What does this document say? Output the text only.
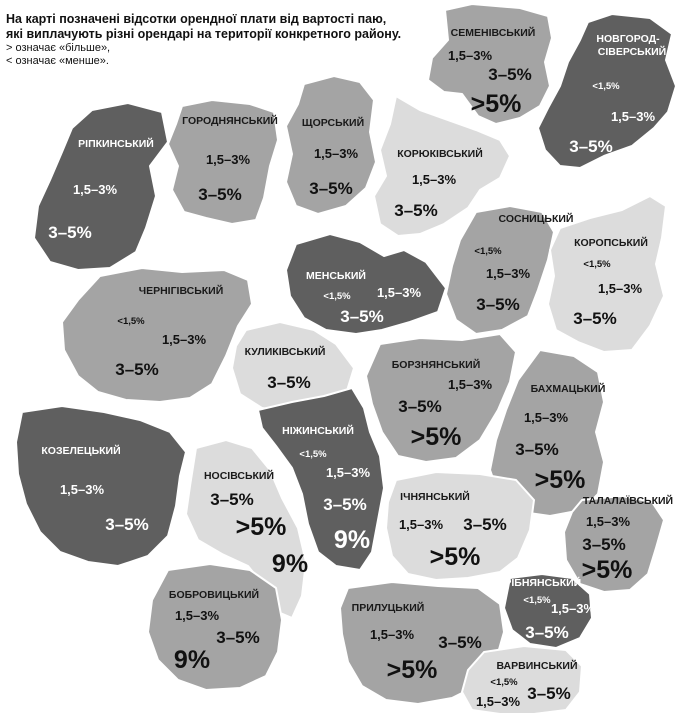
СЕМЕНІВСЬКИЙ
1,5–3%
3–5%
>5%
НОВГОРОД-
СІВЕРСЬКИЙ
<1,5%
1,5–3%
3–5%
РІПКИНСЬКИЙ
1,5–3%
3–5%
ГОРОДНЯНСЬКИЙ
1,5–3%
3–5%
ЩОРСЬКИЙ
1,5–3%
3–5%
КОРЮКІВСЬКИЙ
1,5–3%
3–5%	СОСНИЦЬКИЙ
<1,5%
1,5–3%
3–5%
КОРОПСЬКИЙ
<1,5%
1,5–3%
3–5%
МЕНСЬКИЙ
<1,5% 1,5–3%
3–5%
ЧЕРНІГІВСЬКИЙ
<1,5%
1,5–3%
3–5%
КУЛИКІВСЬКИЙ
3–5%
БОРЗНЯНСЬКИЙ
1,5–3%
3–5%
>5%
БАХМАЦЬКИЙ
1,5–3%
3–5%
>5%
КОЗЕЛЕЦЬКИЙ
1,5–3%
3–5%
НІЖИНСЬКИЙ
<1,5%
1,5–3%
3–5%
9%
НОСІВСЬКИЙ
3–5%
>5%
9%
ІЧНЯНСЬКИЙ
1,5–3% 3–5%
>5%
ТАЛАЛАЇВСЬКИЙ
1,5–3%
3–5%
>5%
БОБРОВИЦЬКИЙ
1,5–3%
3–5%
9%
ПРИЛУЦЬКИЙ
1,5–3% 3–5%
>5%
СРІБНЯНСЬКИЙ
<1,5%
1,5–3%
3–5%
ВАРВИНСЬКИЙ
<1,5%
1,5–3% 3–5%
На карті позначені відсотки орендної плати від вартості паю,
які виплачують різні орендарі на території конкретного району.
> означає «більше»,
< означає «менше».
